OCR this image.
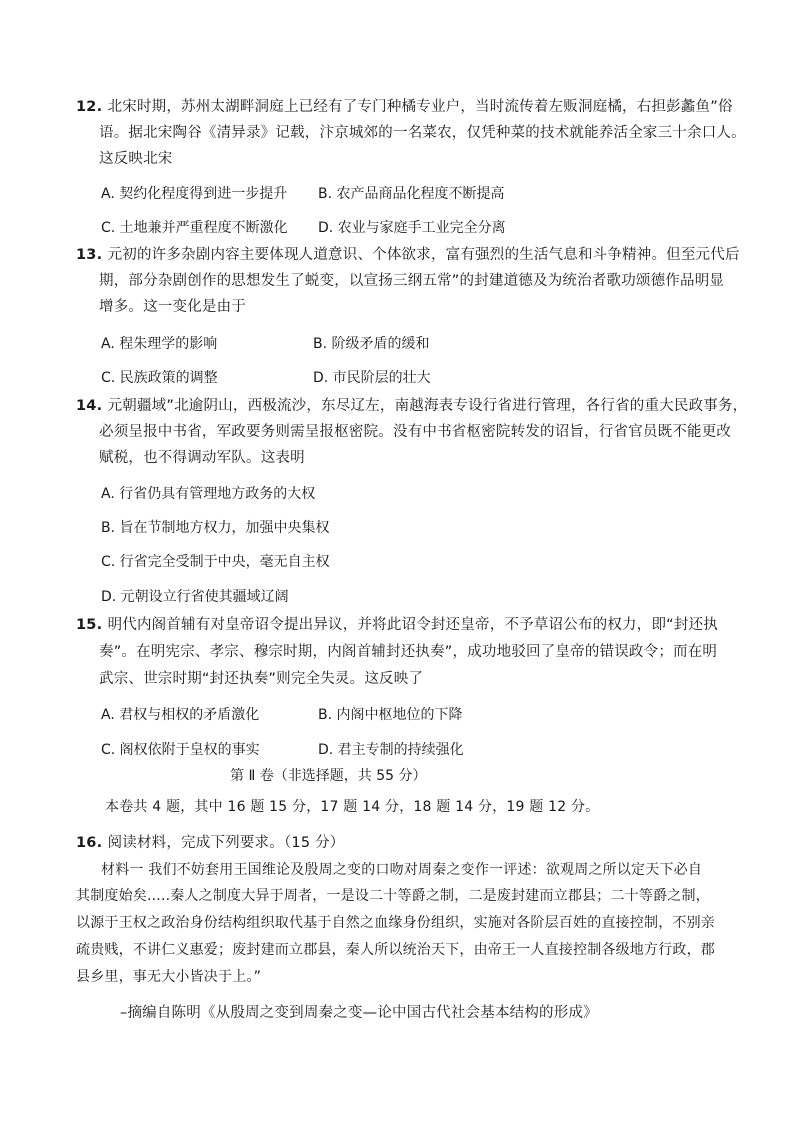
12. 北宋时期，苏州太湖畔洞庭上已经有了专门种橘专业户，当时流传着左贩洞庭橘，右担彭蠡鱼”俗
语。据北宋陶谷《清异录》记载，汴京城郊的一名菜农，仅凭种菜的技术就能养活全家三十余口人。
这反映北宋
A. 契约化程度得到进一步提升 B. 农产品商品化程度不断提高
C. 土地兼并严重程度不断激化 D. 农业与家庭手工业完全分离
13. 元初的许多杂剧内容主要体现人道意识、个体欲求，富有强烈的生活气息和斗争精神。但至元代后
期，部分杂剧创作的思想发生了蜕变，以宣扬三纲五常”的封建道德及为统治者歌功颂德作品明显
增多。这一变化是由于
A. 程朱理学的影响	B. 阶级矛盾的缓和
C. 民族政策的调整	D. 市民阶层的壮大
14. 元朝疆域”北逾阴山，西极流沙，东尽辽左，南越海表专设行省进行管理，各行省的重大民政事务，
必须呈报中书省，军政要务则需呈报枢密院。没有中书省枢密院转发的诏旨，行省官员既不能更改
赋税，也不得调动军队。这表明
A. 行省仍具有管理地方政务的大权
B. 旨在节制地方权力，加强中央集权
C. 行省完全受制于中央，毫无自主权
D. 元朝设立行省使其疆域辽阔
15. 明代内阁首辅有对皇帝诏令提出异议，并将此诏令封还皇帝，不予草诏公布的权力，即“封还执
奏”。在明宪宗、孝宗、穆宗时期，内阁首辅封还执奏”，成功地驳回了皇帝的错误政令；而在明
武宗、世宗时期“封还执奏”则完全失灵。这反映了
A. 君权与相权的矛盾激化	B. 内阁中枢地位的下降
C. 阁权依附于皇权的事实	D. 君主专制的持续强化
第 Ⅱ 卷（非选择题，共 55 分）
本卷共 4 题，其中 16 题 15 分，17 题 14 分，18 题 14 分，19 题 12 分。
16. 阅读材料，完成下列要求。（15 分）
材料一 我们不妨套用王国维论及殷周之变的口吻对周秦之变作一评述：欲观周之所以定天下必自
其制度始矣.....秦人之制度大异于周者，一是设二十等爵之制，二是废封建而立郡县；二十等爵之制，
以源于王权之政治身份结构组织取代基于自然之血缘身份组织，实施对各阶层百姓的直接控制，不别亲
疏贵贱，不讲仁义惠爱；废封建而立郡县，秦人所以统治天下，由帝王一人直接控制各级地方行政，郡
县乡里，事无大小皆决于上。”
–摘编自陈明《从殷周之变到周秦之变—论中国古代社会基本结构的形成》
